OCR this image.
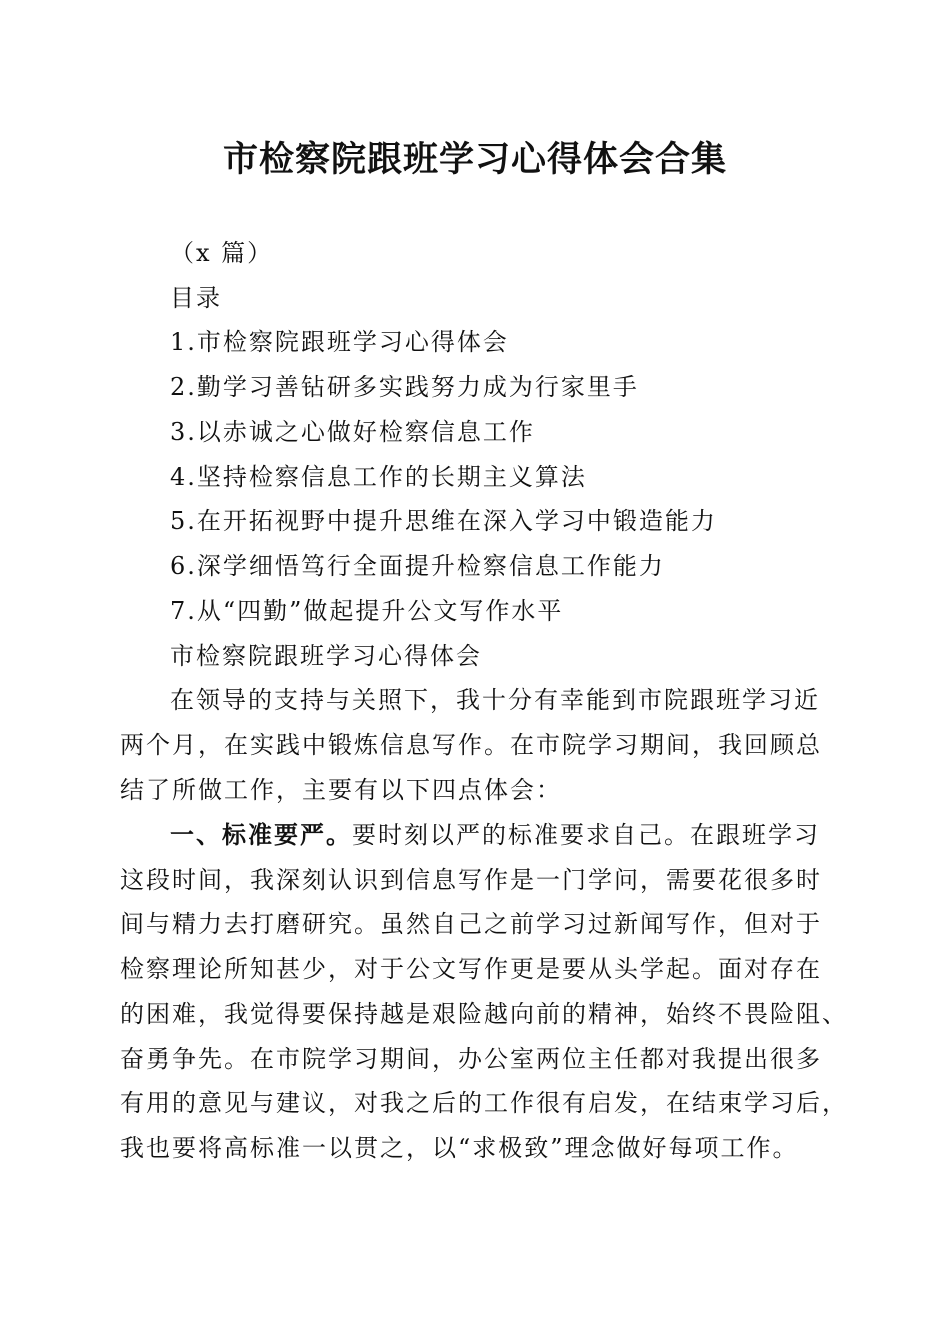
市检察院跟班学习心得体会合集
（x 篇）
目录
1.市检察院跟班学习心得体会
2.勤学习善钻研多实践努力成为行家里手
3.以赤诚之心做好检察信息工作
4.坚持检察信息工作的长期主义算法
5.在开拓视野中提升思维在深入学习中锻造能力
6.深学细悟笃行全面提升检察信息工作能力
7.从“四勤”做起提升公文写作水平
市检察院跟班学习心得体会
在领导的支持与关照下，我十分有幸能到市院跟班学习近
两个月，在实践中锻炼信息写作。在市院学习期间，我回顾总
结了所做工作，主要有以下四点体会：
一、标准要严。要时刻以严的标准要求自己。在跟班学习
这段时间，我深刻认识到信息写作是一门学问，需要花很多时
间与精力去打磨研究。虽然自己之前学习过新闻写作，但对于
检察理论所知甚少，对于公文写作更是要从头学起。面对存在
的困难，我觉得要保持越是艰险越向前的精神，始终不畏险阻、
奋勇争先。在市院学习期间，办公室两位主任都对我提出很多
有用的意见与建议，对我之后的工作很有启发，在结束学习后，
我也要将高标准一以贯之，以“求极致”理念做好每项工作。
